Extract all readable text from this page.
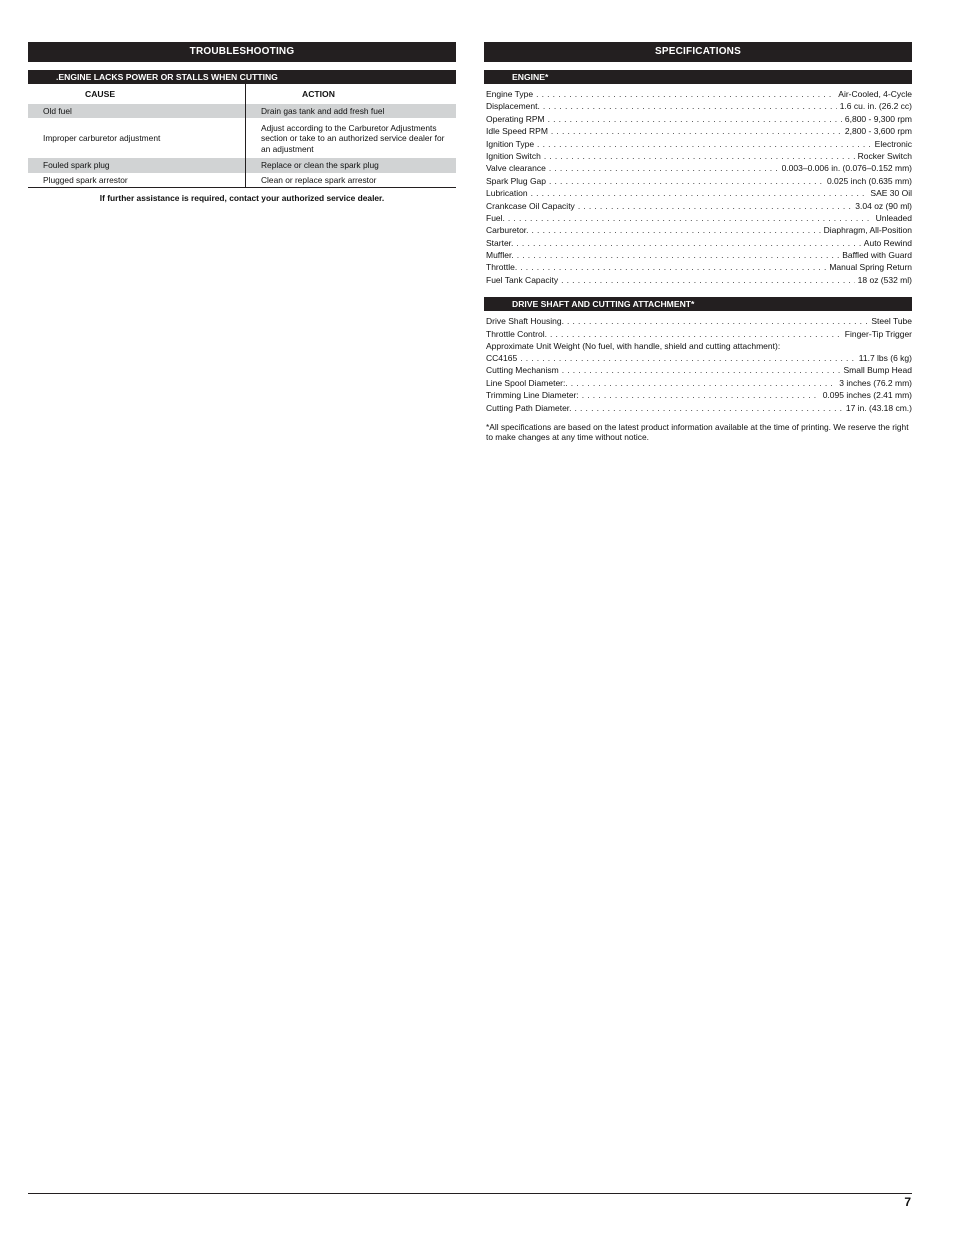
TROUBLESHOOTING
.ENGINE LACKS POWER OR STALLS WHEN CUTTING
CAUSE	ACTION
Old fuel	Drain gas tank and add fresh fuel
Improper carburetor adjustment	Adjust according to the Carburetor Adjustments section or take to an authorized service dealer for an adjustment
Fouled spark plug	Replace or clean the spark plug
Plugged spark arrestor	Clean or replace spark arrestor
If further assistance is required, contact your authorized service dealer.
SPECIFICATIONS
ENGINE*
Engine Type . . .	Air-Cooled, 4-Cycle
Displacement. . . .	1.6 cu. in. (26.2 cc)
Operating RPM . . .	6,800 - 9,300 rpm
Idle Speed RPM . . .	2,800 - 3,600 rpm
Ignition Type . . .	Electronic
Ignition Switch . . .	Rocker Switch
Valve clearance . . .	0.003–0.006 in. (0.076–0.152 mm)
Spark Plug Gap . . .	0.025 inch (0.635 mm)
Lubrication . . .	SAE 30 Oil
Crankcase Oil Capacity . . .	3.04 oz (90 ml)
Fuel. . . .	Unleaded
Carburetor. . . .	Diaphragm, All-Position
Starter. . . .	Auto Rewind
Muffler. . . .	Baffled with Guard
Throttle. . . .	Manual Spring Return
Fuel Tank Capacity . . .	18 oz (532 ml)
DRIVE SHAFT AND CUTTING ATTACHMENT*
Drive Shaft Housing. . . .	Steel Tube
Throttle Control. . . .	Finger-Tip Trigger
Approximate Unit Weight (No fuel, with handle, shield and cutting attachment):
CC4165 . . .	11.7 lbs (6 kg)
Cutting Mechanism . . .	Small Bump Head
Line Spool Diameter:. . . .	3 inches (76.2 mm)
Trimming Line Diameter: . . .	0.095 inches (2.41 mm)
Cutting Path Diameter. . . .	17 in. (43.18 cm.)
*All specifications are based on the latest product information available at the time of printing. We reserve the right to make changes at any time without notice.
7
